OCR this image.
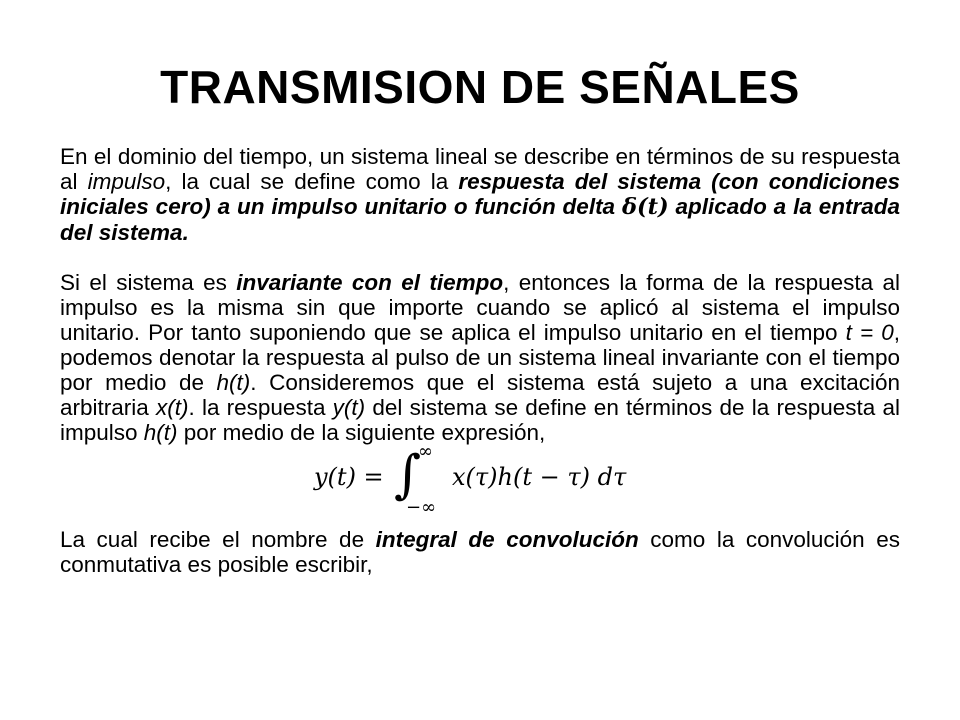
TRANSMISION DE SEÑALES

En el dominio del tiempo, un sistema lineal se describe en términos de su respuesta al impulso, la cual se define como la respuesta del sistema (con condiciones iniciales cero) a un impulso unitario o función delta δ(t) aplicado a la entrada del sistema.

Si el sistema es invariante con el tiempo, entonces la forma de la respuesta al impulso es la misma sin que importe cuando se aplicó al sistema el impulso unitario. Por tanto suponiendo que se aplica el impulso unitario en el tiempo t = 0, podemos denotar la respuesta al pulso de un sistema lineal invariante con el tiempo por medio de h(t). Consideremos que el sistema está sujeto a una excitación arbitraria x(t). la respuesta y(t) del sistema se define en términos de la respuesta al impulso h(t) por medio de la siguiente expresión,

y(t) = ∫
∞
−∞
x(τ)h(t − τ) dτ

La cual recibe el nombre de integral de convolución como la convolución es conmutativa es posible escribir,
